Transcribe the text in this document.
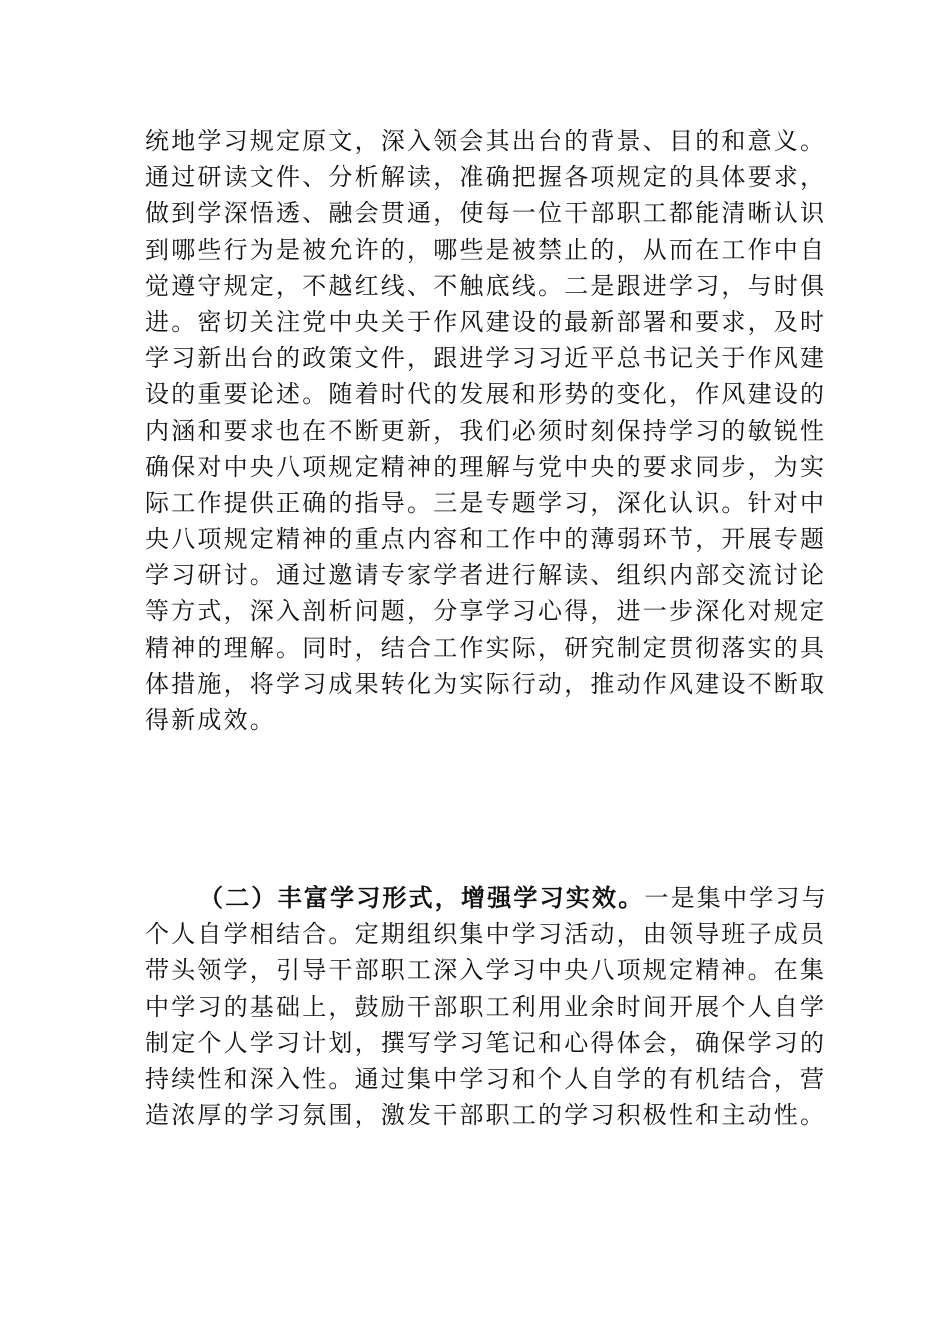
统地学习规定原文，深入领会其出台的背景、目的和意义。
通过研读文件、分析解读，准确把握各项规定的具体要求，
做到学深悟透、融会贯通，使每一位干部职工都能清晰认识
到哪些行为是被允许的，哪些是被禁止的，从而在工作中自
觉遵守规定，不越红线、不触底线。二是跟进学习，与时俱
进。密切关注党中央关于作风建设的最新部署和要求，及时
学习新出台的政策文件，跟进学习习近平总书记关于作风建
设的重要论述。随着时代的发展和形势的变化，作风建设的
内涵和要求也在不断更新，我们必须时刻保持学习的敏锐性
确保对中央八项规定精神的理解与党中央的要求同步，为实
际工作提供正确的指导。三是专题学习，深化认识。针对中
央八项规定精神的重点内容和工作中的薄弱环节，开展专题
学习研讨。通过邀请专家学者进行解读、组织内部交流讨论
等方式，深入剖析问题，分享学习心得，进一步深化对规定
精神的理解。同时，结合工作实际，研究制定贯彻落实的具
体措施，将学习成果转化为实际行动，推动作风建设不断取
得新成效。
（二）丰富学习形式，增强学习实效。一是集中学习与
个人自学相结合。定期组织集中学习活动，由领导班子成员
带头领学，引导干部职工深入学习中央八项规定精神。在集
中学习的基础上，鼓励干部职工利用业余时间开展个人自学
制定个人学习计划，撰写学习笔记和心得体会，确保学习的
持续性和深入性。通过集中学习和个人自学的有机结合，营
造浓厚的学习氛围，激发干部职工的学习积极性和主动性。
